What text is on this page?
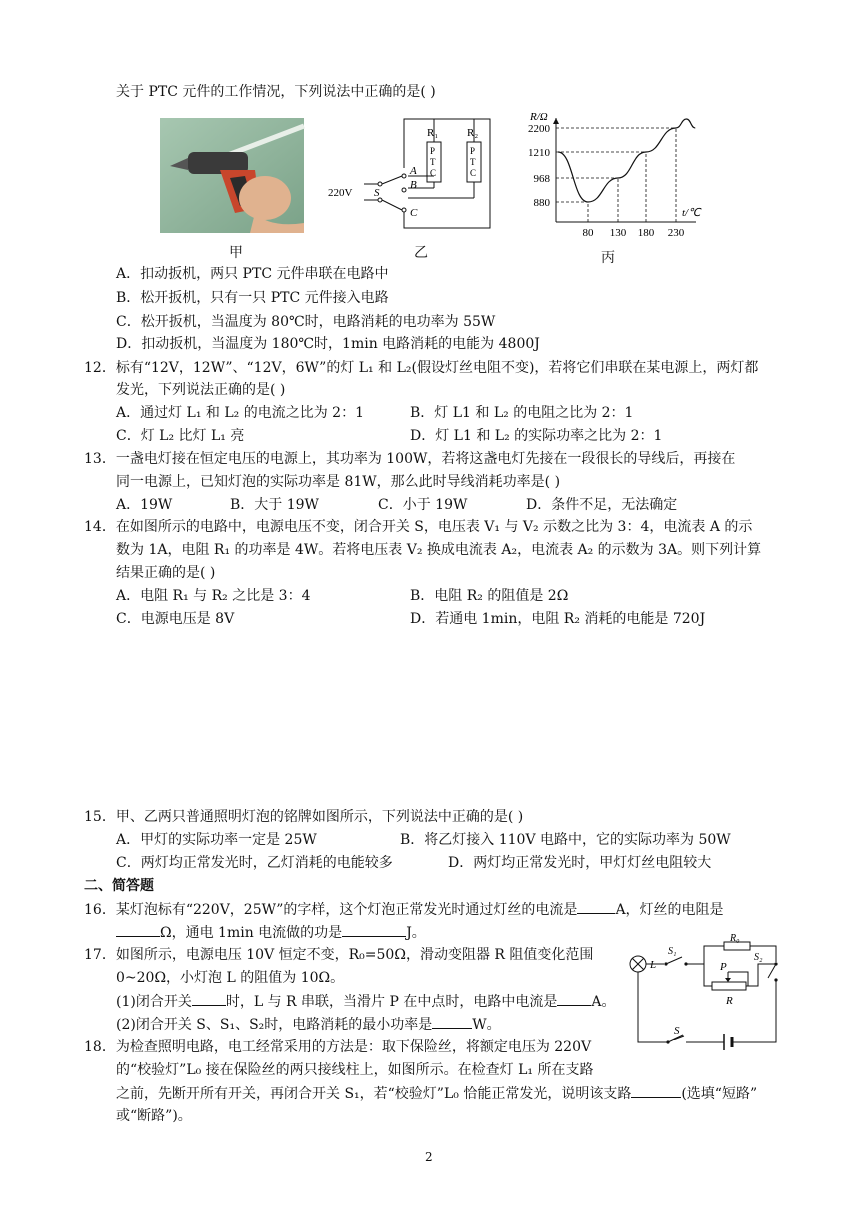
关于 PTC 元件的工作情况，下列说法中正确的是( )
甲
R₁	R₂
P
T
C
P
T
C
220V S
A
B
C
乙
R/Ω
t/℃
2200
1210
968
880
80 130 180 230
丙
A．扣动扳机，两只 PTC 元件串联在电路中
B．松开扳机，只有一只 PTC 元件接入电路
C．松开扳机，当温度为 80℃时，电路消耗的电功率为 55W
D．扣动扳机，当温度为 180℃时，1min 电路消耗的电能为 4800J
12．标有“12V，12W”、“12V，6W”的灯 L₁ 和 L₂(假设灯丝电阻不变)，若将它们串联在某电源上，两灯都
发光，下列说法正确的是( )
A．通过灯 L₁ 和 L₂ 的电流之比为 2：1	B．灯 L1 和 L₂ 的电阻之比为 2：1
C．灯 L₂ 比灯 L₁ 亮	D．灯 L1 和 L₂ 的实际功率之比为 2：1
13．一盏电灯接在恒定电压的电源上，其功率为 100W，若将这盏电灯先接在一段很长的导线后，再接在
同一电源上，已知灯泡的实际功率是 81W，那么此时导线消耗功率是( )
A．19W	B．大于 19W	C．小于 19W	D．条件不足，无法确定
14．在如图所示的电路中，电源电压不变，闭合开关 S，电压表 V₁ 与 V₂ 示数之比为 3：4，电流表 A 的示
数为 1A，电阻 R₁ 的功率是 4W。若将电压表 V₂ 换成电流表 A₂，电流表 A₂ 的示数为 3A。则下列计算
结果正确的是( )
A．电阻 R₁ 与 R₂ 之比是 3：4	B．电阻 R₂ 的阻值是 2Ω
C．电源电压是 8V	D．若通电 1min，电阻 R₂ 消耗的电能是 720J
15．甲、乙两只普通照明灯泡的铭牌如图所示，下列说法中正确的是( )
A．甲灯的实际功率一定是 25W	B．将乙灯接入 110V 电路中，它的实际功率为 50W
C．两灯均正常发光时，乙灯消耗的电能较多	D．两灯均正常发光时，甲灯灯丝电阻较大
二、简答题
16．某灯泡标有“220V，25W”的字样，这个灯泡正常发光时通过灯丝的电流是	A，灯丝的电阻是
Ω，通电 1min 电流做的功是	J。
17．如图所示，电源电压 10V 恒定不变，R₀=50Ω，滑动变阻器 R 阻值变化范围
0~20Ω，小灯泡 L 的阻值为 10Ω。
(1)闭合开关 时，L 与 R 串联，当滑片 P 在中点时，电路中电流是 A。
(2)闭合开关 S、S₁、S₂时，电路消耗的最小功率是	W。	S
L
S₁
R₀
S₂
P
R
18．为检查照明电路，电工经常采用的方法是：取下保险丝，将额定电压为 220V
的“校验灯”L₀ 接在保险丝的两只接线柱上，如图所示。在检查灯 L₁ 所在支路
之前，先断开所有开关，再闭合开关 S₁，若“校验灯”L₀ 恰能正常发光，说明该支路	(选填“短路”
或“断路”)。
2
